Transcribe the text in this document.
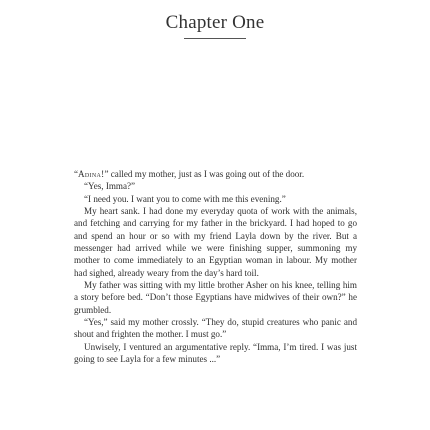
Chapter One

“Adina!” called my mother, just as I was going out of the door.

“Yes, Imma?”

“I need you. I want you to come with me this evening.”

My heart sank. I had done my everyday quota of work with the animals, and fetching and carrying for my father in the brickyard. I had hoped to go and spend an hour or so with my friend Layla down by the river. But a messenger had arrived while we were finishing supper, summoning my mother to come immediately to an Egyptian woman in labour. My mother had sighed, already weary from the day’s hard toil.

My father was sitting with my little brother Asher on his knee, telling him a story before bed. “Don’t those Egyptians have midwives of their own?” he grumbled.

“Yes,” said my mother crossly. “They do, stupid creatures who panic and shout and frighten the mother. I must go.”

Unwisely, I ventured an argumentative reply. “Imma, I’m tired. I was just going to see Layla for a few minutes ...”
